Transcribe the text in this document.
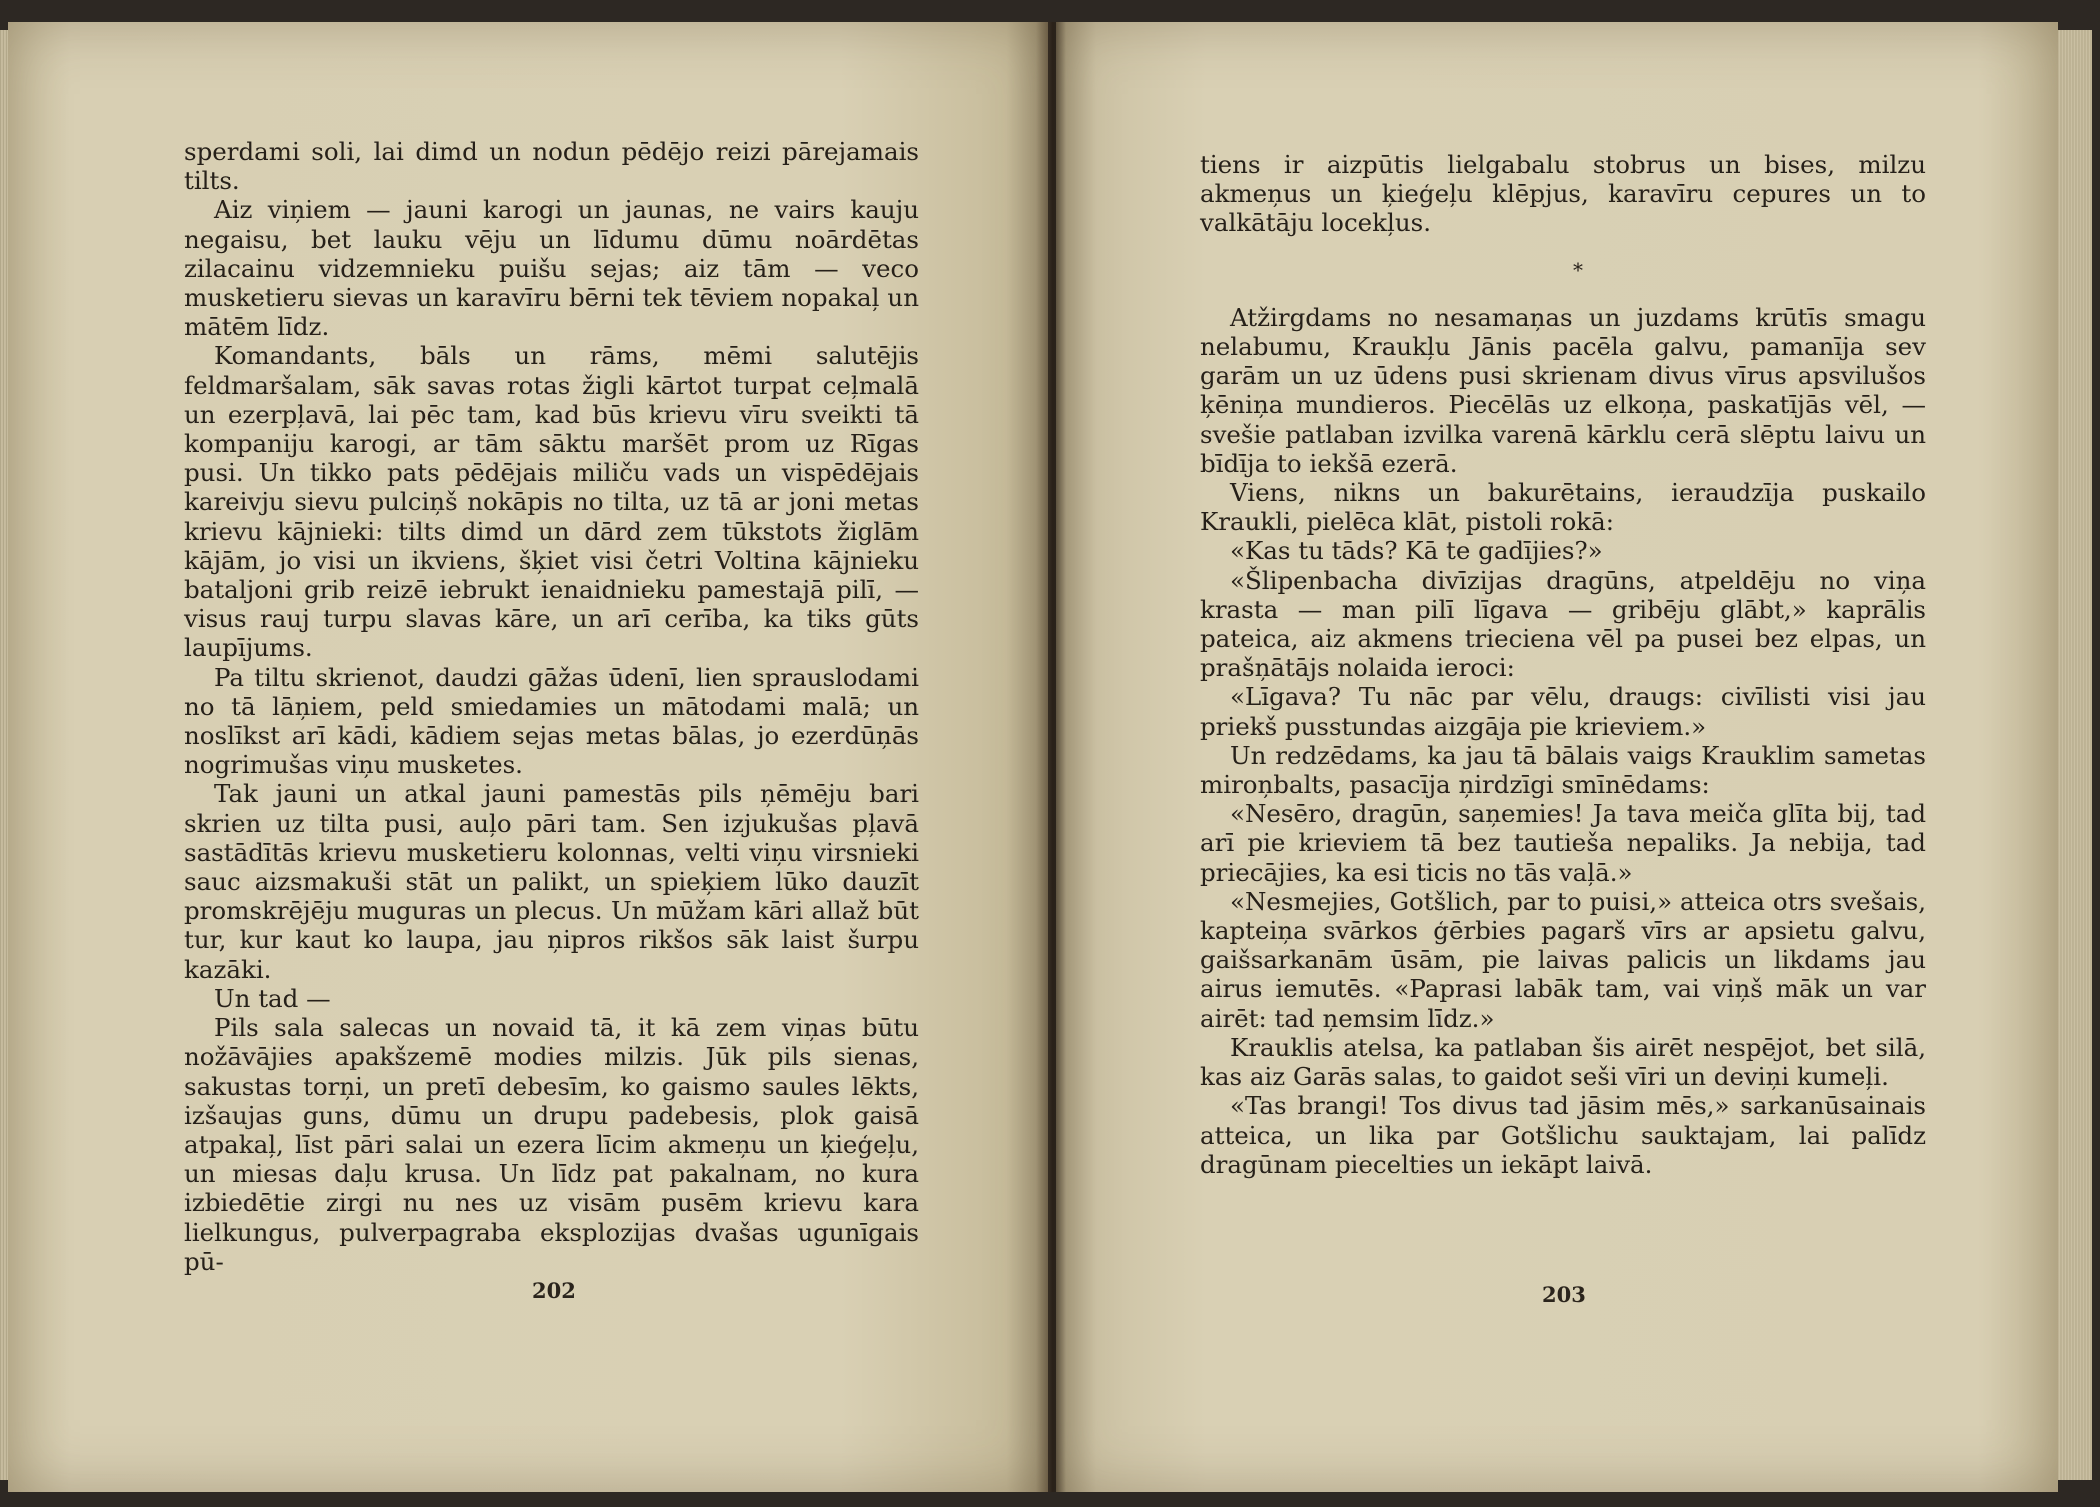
sperdami soli, lai dimd un nodun pēdējo reizi pārejamais tilts.

Aiz viņiem — jauni karogi un jaunas, ne vairs kauju negaisu, bet lauku vēju un līdumu dūmu noārdētas zilacainu vidzemnieku puišu sejas; aiz tām — veco musketieru sievas un karavīru bērni tek tēviem nopakaļ un mātēm līdz.

Komandants, bāls un rāms, mēmi salutējis feldmaršalam, sāk savas rotas žigli kārtot turpat ceļmalā un ezerpļavā, lai pēc tam, kad būs krievu vīru sveikti tā kompaniju karogi, ar tām sāktu maršēt prom uz Rīgas pusi. Un tikko pats pēdējais miliču vads un vispēdējais kareivju sievu pulciņš nokāpis no tilta, uz tā ar joni metas krievu kājnieki: tilts dimd un dārd zem tūkstots žiglām kājām, jo visi un ikviens, šķiet visi četri Voltina kājnieku bataljoni grib reizē iebrukt ienaidnieku pamestajā pilī, — visus rauj turpu slavas kāre, un arī cerība, ka tiks gūts laupījums.

Pa tiltu skrienot, daudzi gāžas ūdenī, lien sprauslodami no tā lāņiem, peld smiedamies un mātodami malā; un noslīkst arī kādi, kādiem sejas metas bālas, jo ezerdūņās nogrimušas viņu musketes.

Tak jauni un atkal jauni pamestās pils ņēmēju bari skrien uz tilta pusi, auļo pāri tam. Sen izjukušas pļavā sastādītās krievu musketieru kolonnas, velti viņu virsnieki sauc aizsmakuši stāt un palikt, un spieķiem lūko dauzīt promskrējēju muguras un plecus. Un mūžam kāri allaž būt tur, kur kaut ko laupa, jau ņipros rikšos sāk laist šurpu kazāki.

Un tad —

Pils sala salecas un novaid tā, it kā zem viņas būtu nožāvājies apakšzemē modies milzis. Jūk pils sienas, sakustas torņi, un pretī debesīm, ko gaismo saules lēkts, izšaujas guns, dūmu un drupu padebesis, plok gaisā atpakaļ, līst pāri salai un ezera līcim akmeņu un ķieģeļu, un miesas daļu krusa. Un līdz pat pakalnam, no kura izbiedētie zirgi nu nes uz visām pusēm krievu kara lielkungus, pulverpagraba eksplozijas dvašas ugunīgais pū-

202

tiens ir aizpūtis lielgabalu stobrus un bises, milzu akmeņus un ķieģeļu klēpjus, karavīru cepures un to valkātāju locekļus.

*

Atžirgdams no nesamaņas un juzdams krūtīs smagu nelabumu, Kraukļu Jānis pacēla galvu, pamanīja sev garām un uz ūdens pusi skrienam divus vīrus apsvilušos ķēniņa mundieros. Piecēlās uz elkoņa, paskatījās vēl, — svešie patlaban izvilka varenā kārklu cerā slēptu laivu un bīdīja to iekšā ezerā.

Viens, nikns un bakurētains, ieraudzīja puskailo Kraukli, pielēca klāt, pistoli rokā:

«Kas tu tāds? Kā te gadījies?»

«Šlipenbacha divīzijas dragūns, atpeldēju no viņa krasta — man pilī līgava — gribēju glābt,» kaprālis pateica, aiz akmens trieciena vēl pa pusei bez elpas, un prašņātājs nolaida ieroci:

«Līgava? Tu nāc par vēlu, draugs: civīlisti visi jau priekš pusstundas aizgāja pie krieviem.»

Un redzēdams, ka jau tā bālais vaigs Krauklim sametas miroņbalts, pasacīja ņirdzīgi smīnēdams:

«Nesēro, dragūn, saņemies! Ja tava meiča glīta bij, tad arī pie krieviem tā bez tautieša nepaliks. Ja nebija, tad priecājies, ka esi ticis no tās vaļā.»

«Nesmejies, Gotšlich, par to puisi,» atteica otrs svešais, kapteiņa svārkos ģērbies pagarš vīrs ar apsietu galvu, gaišsarkanām ūsām, pie laivas palicis un likdams jau airus iemutēs. «Paprasi labāk tam, vai viņš māk un var airēt: tad ņemsim līdz.»

Krauklis atelsa, ka patlaban šis airēt nespējot, bet silā, kas aiz Garās salas, to gaidot seši vīri un deviņi kumeļi.

«Tas brangi! Tos divus tad jāsim mēs,» sarkanūsainais atteica, un lika par Gotšlichu sauktajam, lai palīdz dragūnam piecelties un iekāpt laivā.

203
